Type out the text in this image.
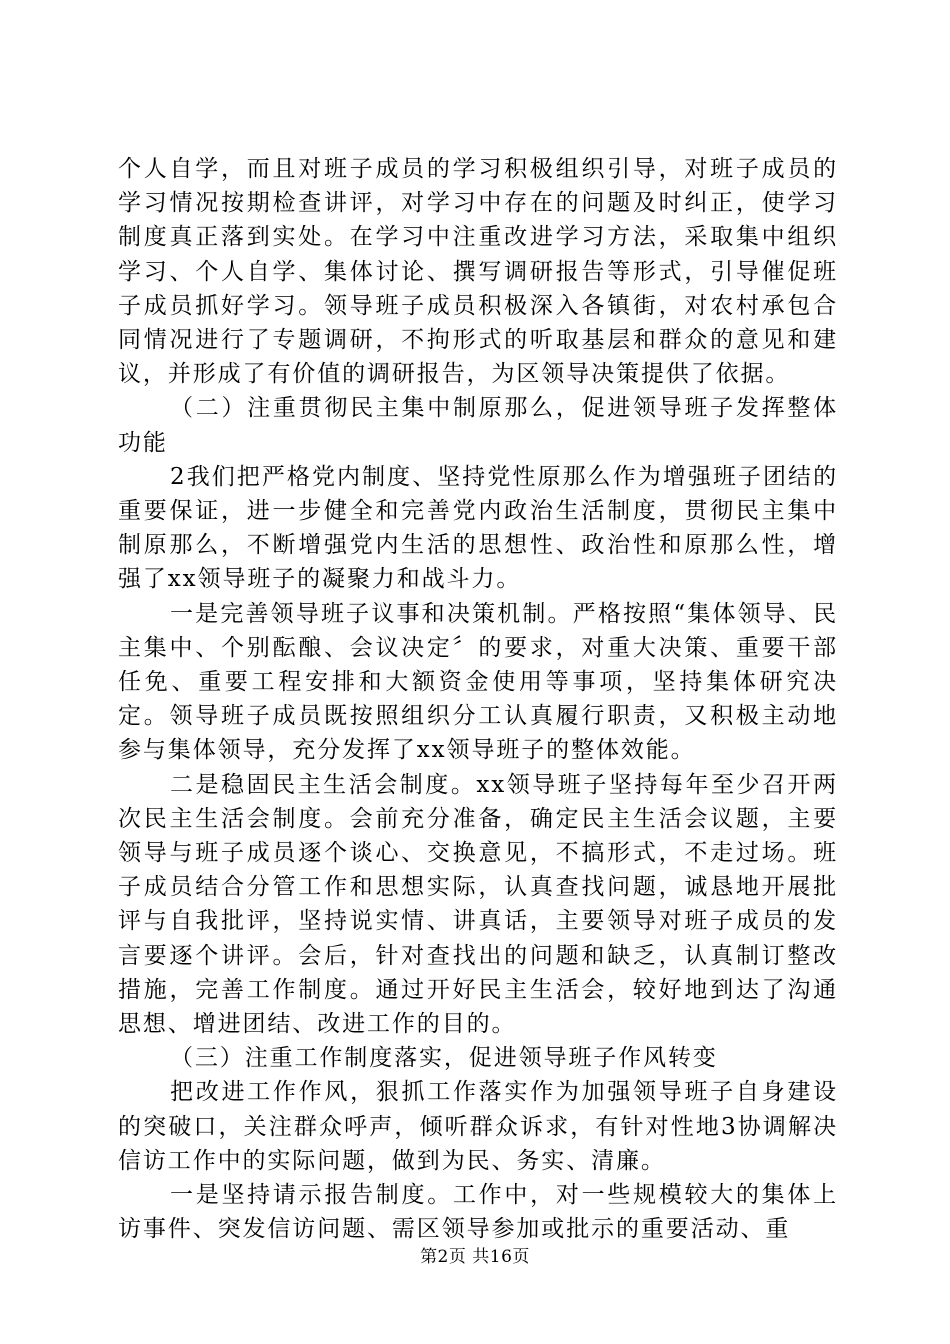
个人自学，而且对班子成员的学习积极组织引导，对班子成员的学习情况按期检查讲评，对学习中存在的问题及时纠正，使学习制度真正落到实处。在学习中注重改进学习方法，采取集中组织学习、个人自学、集体讨论、撰写调研报告等形式，引导催促班子成员抓好学习。领导班子成员积极深入各镇街，对农村承包合同情况进行了专题调研，不拘形式的听取基层和群众的意见和建议，并形成了有价值的调研报告，为区领导决策提供了依据。

（二）注重贯彻民主集中制原那么，促进领导班子发挥整体功能

2我们把严格党内制度、坚持党性原那么作为增强班子团结的重要保证，进一步健全和完善党内政治生活制度，贯彻民主集中制原那么，不断增强党内生活的思想性、政治性和原那么性，增强了xx领导班子的凝聚力和战斗力。

一是完善领导班子议事和决策机制。严格按照“集体领导、民主集中、个别酝酿、会议决定〞的要求，对重大决策、重要干部任免、重要工程安排和大额资金使用等事项，坚持集体研究决定。领导班子成员既按照组织分工认真履行职责，又积极主动地参与集体领导，充分发挥了xx领导班子的整体效能。

二是稳固民主生活会制度。xx领导班子坚持每年至少召开两次民主生活会制度。会前充分准备，确定民主生活会议题，主要领导与班子成员逐个谈心、交换意见，不搞形式，不走过场。班子成员结合分管工作和思想实际，认真查找问题，诚恳地开展批评与自我批评，坚持说实情、讲真话，主要领导对班子成员的发言要逐个讲评。会后，针对查找出的问题和缺乏，认真制订整改措施，完善工作制度。通过开好民主生活会，较好地到达了沟通思想、增进团结、改进工作的目的。

（三）注重工作制度落实，促进领导班子作风转变

把改进工作作风，狠抓工作落实作为加强领导班子自身建设的突破口，关注群众呼声，倾听群众诉求，有针对性地3协调解决信访工作中的实际问题，做到为民、务实、清廉。

一是坚持请示报告制度。工作中，对一些规模较大的集体上访事件、突发信访问题、需区领导参加或批示的重要活动、重

第2页 共16页
